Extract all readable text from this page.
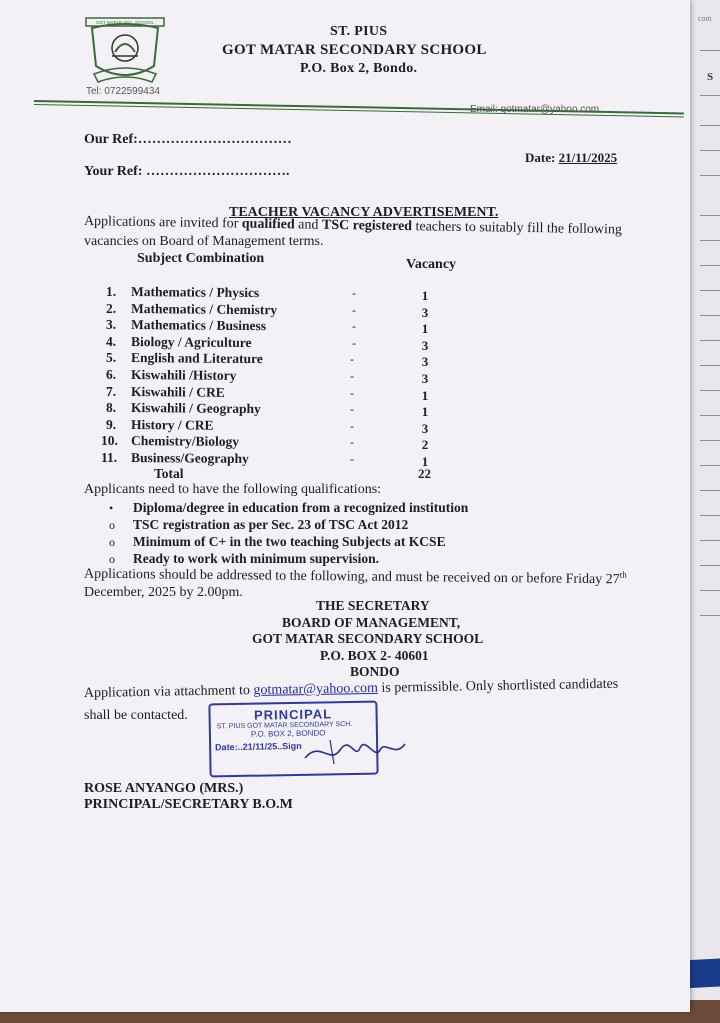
com
S
GOT MATAR SEC. SCHOOL
ST. PIUS
GOT MATAR SECONDARY SCHOOL
P.O. Box 2, Bondo.
Tel: 0722599434
Email: gotmatar@yahoo.com
Our Ref:……………………………
Your Ref: ………………………….
Date: 21/11/2025
TEACHER VACANCY ADVERTISEMENT.
Applications are invited for qualified and TSC registered teachers to suitably fill the following
vacancies on Board of Management terms.
Subject Combination	Vacancy
1. Mathematics / Physics	-	1
2. Mathematics / Chemistry	-	3
3. Mathematics / Business	-	1
4. Biology / Agriculture	-	3
5. English and Literature	-	3
6. Kiswahili /History	-	3
7. Kiswahili / CRE	-	1
8. Kiswahili / Geography	-	1
9. History / CRE	-	3
10. Chemistry/Biology	-	2
11. Business/Geography	-	1
Total	22
Applicants need to have the following qualifications:
• Diploma/degree in education from a recognized institution
o TSC registration as per Sec. 23 of TSC Act 2012
o Minimum of C+ in the two teaching Subjects at KCSE
o Ready to work with minimum supervision.
Applications should be addressed to the following, and must be received on or before Friday 27th
December, 2025 by 2.00pm.
THE SECRETARY
BOARD OF MANAGEMENT,
GOT MATAR SECONDARY SCHOOL
P.O. BOX 2- 40601
BONDO
Application via attachment to gotmatar@yahoo.com is permissible. Only shortlisted candidates
shall be contacted.	PRINCIPAL
ST. PIUS GOT MATAR SECONDARY SCH.
P.O. BOX 2, BONDO
Date:..21/11/25..Sign
ROSE ANYANGO (MRS.)
PRINCIPAL/SECRETARY B.O.M
